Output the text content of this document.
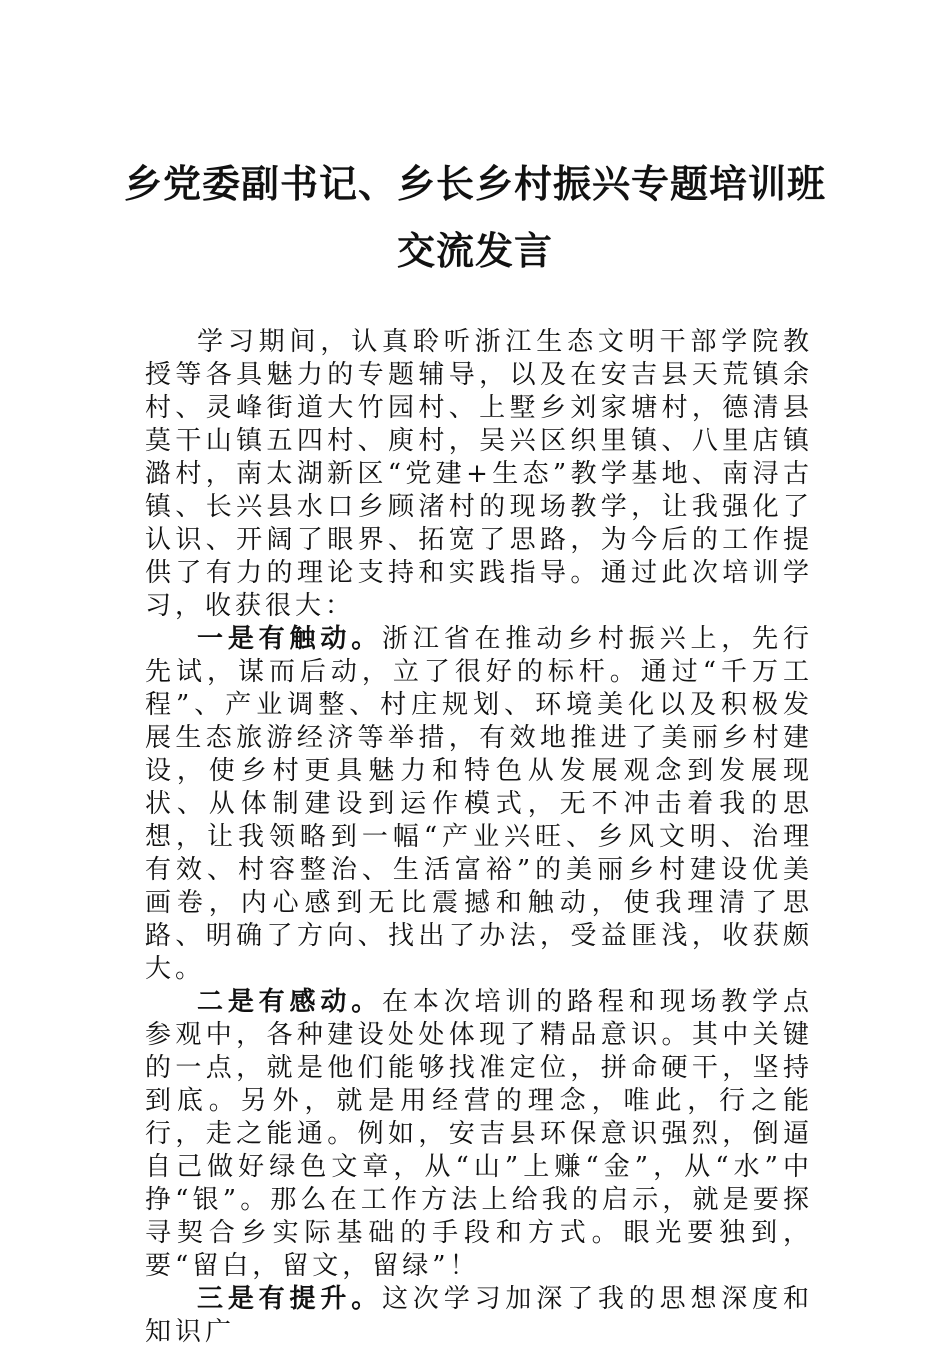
乡党委副书记、乡长乡村振兴专题培训班
交流发言

学习期间，认真聆听浙江生态文明干部学院教授等各具魅力的专题辅导，以及在安吉县天荒镇余村、灵峰街道大竹园村、上墅乡刘家塘村，德清县莫干山镇五四村、庾村，吴兴区织里镇、八里店镇潞村，南太湖新区“党建+生态”教学基地、南浔古镇、长兴县水口乡顾渚村的现场教学，让我强化了认识、开阔了眼界、拓宽了思路，为今后的工作提供了有力的理论支持和实践指导。通过此次培训学习，收获很大：

一是有触动。浙江省在推动乡村振兴上，先行先试，谋而后动，立了很好的标杆。通过“千万工程”、产业调整、村庄规划、环境美化以及积极发展生态旅游经济等举措，有效地推进了美丽乡村建设，使乡村更具魅力和特色从发展观念到发展现状、从体制建设到运作模式，无不冲击着我的思想，让我领略到一幅“产业兴旺、乡风文明、治理有效、村容整治、生活富裕”的美丽乡村建设优美画卷，内心感到无比震撼和触动，使我理清了思路、明确了方向、找出了办法，受益匪浅，收获颇大。

二是有感动。在本次培训的路程和现场教学点参观中，各种建设处处体现了精品意识。其中关键的一点，就是他们能够找准定位，拼命硬干，坚持到底。另外，就是用经营的理念，唯此，行之能行，走之能通。例如，安吉县环保意识强烈，倒逼自己做好绿色文章，从“山”上赚“金”，从“水”中挣“银”。那么在工作方法上给我的启示，就是要探寻契合乡实际基础的手段和方式。眼光要独到，要“留白，留文，留绿”！

三是有提升。这次学习加深了我的思想深度和知识广
